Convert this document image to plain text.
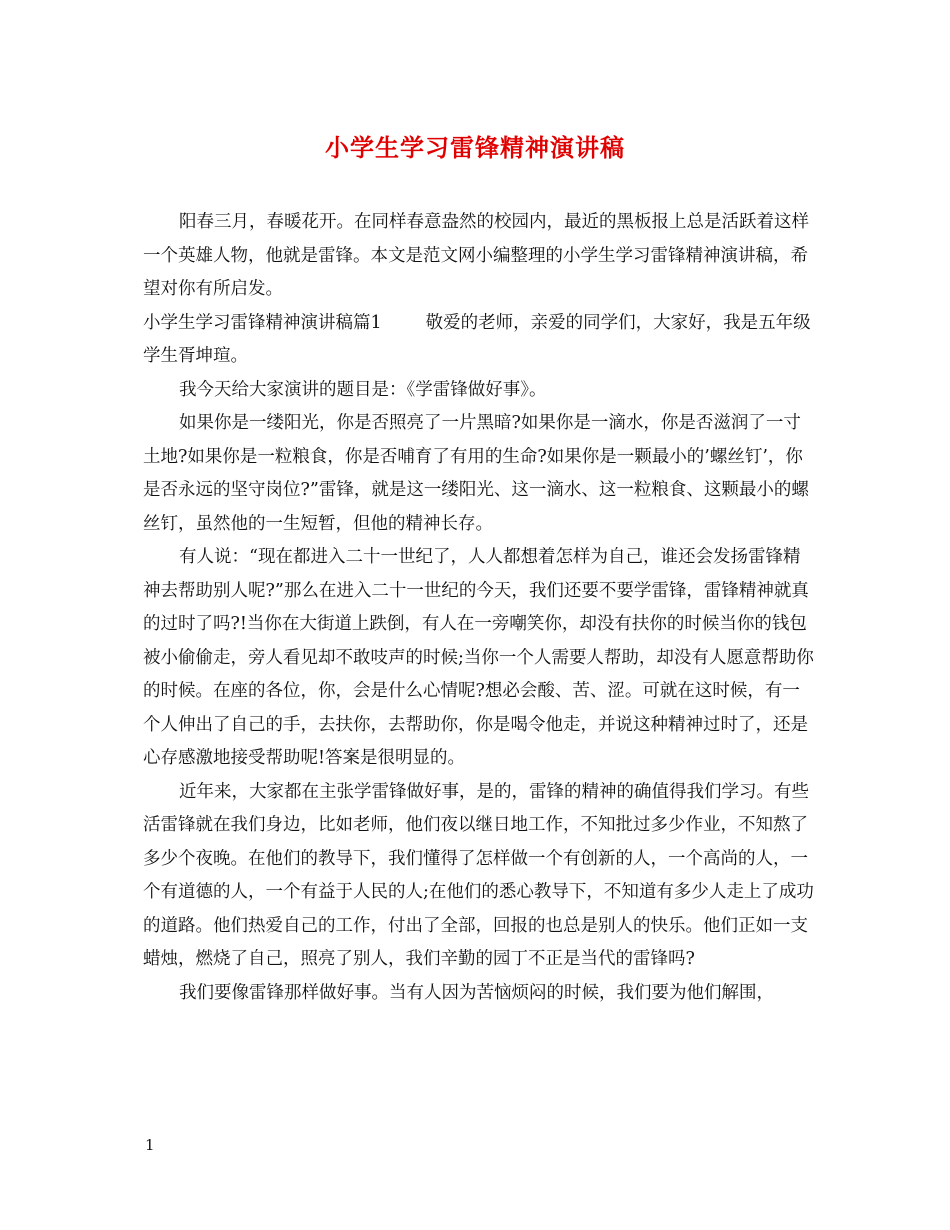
小学生学习雷锋精神演讲稿

阳春三月，春暖花开。在同样春意盎然的校园内，最近的黑板报上总是活跃着这样一个英雄人物，他就是雷锋。本文是范文网小编整理的小学生学习雷锋精神演讲稿，希望对你有所启发。

小学生学习雷锋精神演讲稿篇1	敬爱的老师，亲爱的同学们，大家好，我是五年级学生胥坤瑄。

我今天给大家演讲的题目是：《学雷锋做好事》。

如果你是一缕阳光，你是否照亮了一片黑暗?如果你是一滴水，你是否滋润了一寸土地?如果你是一粒粮食，你是否哺育了有用的生命?如果你是一颗最小的’螺丝钉’，你是否永远的坚守岗位?”雷锋，就是这一缕阳光、这一滴水、这一粒粮食、这颗最小的螺丝钉，虽然他的一生短暂，但他的精神长存。

有人说：“现在都进入二十一世纪了，人人都想着怎样为自己，谁还会发扬雷锋精神去帮助别人呢?”那么在进入二十一世纪的今天，我们还要不要学雷锋，雷锋精神就真的过时了吗?!当你在大街道上跌倒，有人在一旁嘲笑你，却没有扶你的时候当你的钱包被小偷偷走，旁人看见却不敢吱声的时候;当你一个人需要人帮助，却没有人愿意帮助你的时候。在座的各位，你，会是什么心情呢?想必会酸、苦、涩。可就在这时候，有一个人伸出了自己的手，去扶你，去帮助你，你是喝令他走，并说这种精神过时了，还是心存感激地接受帮助呢!答案是很明显的。

近年来，大家都在主张学雷锋做好事，是的，雷锋的精神的确值得我们学习。有些活雷锋就在我们身边，比如老师，他们夜以继日地工作，不知批过多少作业，不知熬了多少个夜晚。在他们的教导下，我们懂得了怎样做一个有创新的人，一个高尚的人，一个有道德的人，一个有益于人民的人;在他们的悉心教导下，不知道有多少人走上了成功的道路。他们热爱自己的工作，付出了全部，回报的也总是别人的快乐。他们正如一支蜡烛，燃烧了自己，照亮了别人，我们辛勤的园丁不正是当代的雷锋吗?

我们要像雷锋那样做好事。当有人因为苦恼烦闷的时候，我们要为他们解围，

1
